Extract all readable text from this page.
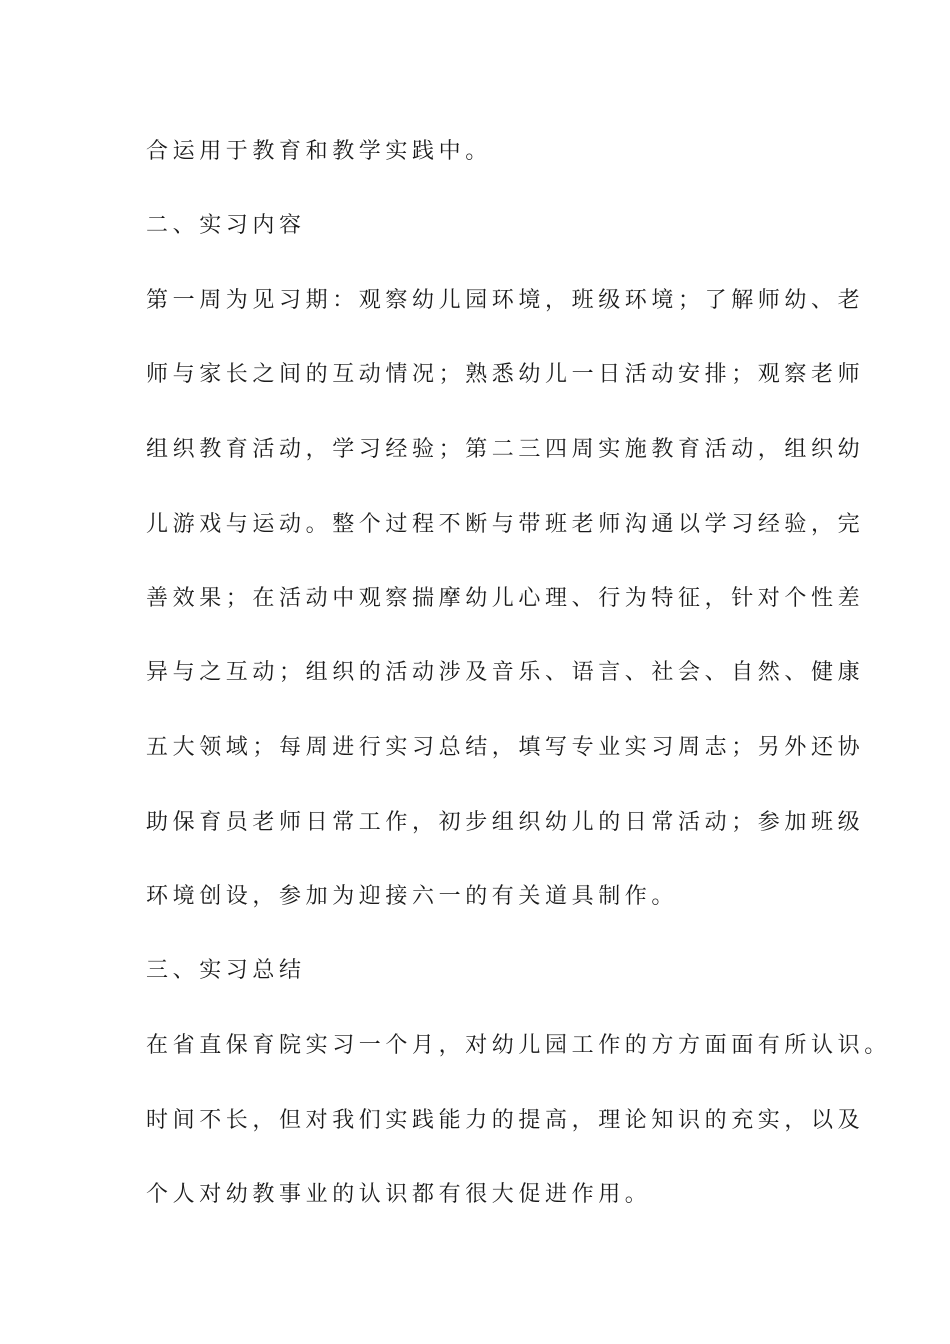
合运用于教育和教学实践中。
二、实习内容
第一周为见习期：观察幼儿园环境，班级环境；了解师幼、老
师与家长之间的互动情况；熟悉幼儿一日活动安排；观察老师
组织教育活动，学习经验；第二三四周实施教育活动，组织幼
儿游戏与运动。整个过程不断与带班老师沟通以学习经验，完
善效果；在活动中观察揣摩幼儿心理、行为特征，针对个性差
异与之互动；组织的活动涉及音乐、语言、社会、自然、健康
五大领域；每周进行实习总结，填写专业实习周志；另外还协
助保育员老师日常工作，初步组织幼儿的日常活动；参加班级
环境创设，参加为迎接六一的有关道具制作。
三、实习总结
在省直保育院实习一个月，对幼儿园工作的方方面面有所认识。
时间不长，但对我们实践能力的提高，理论知识的充实，以及
个人对幼教事业的认识都有很大促进作用。
